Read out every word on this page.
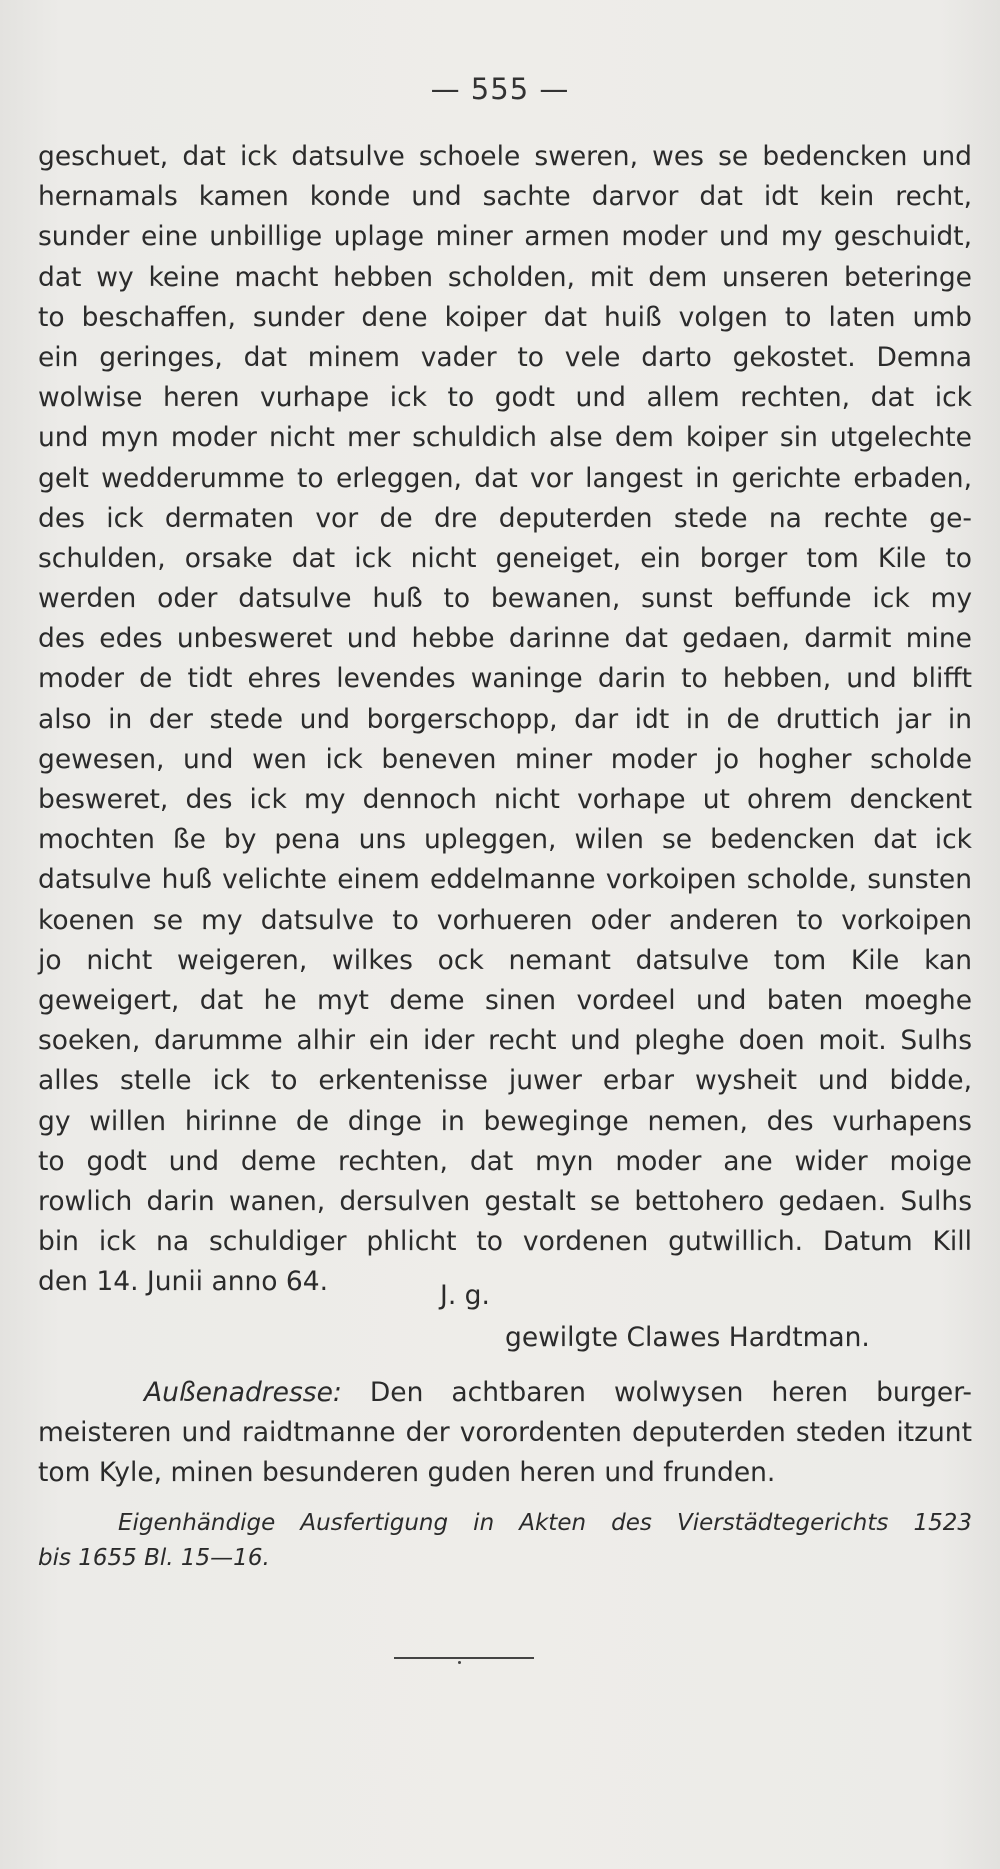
— 555 —
geschuet, dat ick datsulve schoele sweren, wes se bedencken und
hernamals kamen konde und sachte darvor dat idt kein recht,
sunder eine unbillige uplage miner armen moder und my geschuidt,
dat wy keine macht hebben scholden, mit dem unseren beteringe
to beschaffen, sunder dene koiper dat huiß volgen to laten umb
ein geringes, dat minem vader to vele darto gekostet. Demna
wolwise heren vurhape ick to godt und allem rechten, dat ick
und myn moder nicht mer schuldich alse dem koiper sin utgelechte
gelt wedderumme to erleggen, dat vor langest in gerichte erbaden,
des ick dermaten vor de dre deputerden stede na rechte ge-
schulden, orsake dat ick nicht geneiget, ein borger tom Kile to
werden oder datsulve huß to bewanen, sunst beffunde ick my
des edes unbesweret und hebbe darinne dat gedaen, darmit mine
moder de tidt ehres levendes waninge darin to hebben, und blifft
also in der stede und borgerschopp, dar idt in de druttich jar in
gewesen, und wen ick beneven miner moder jo hogher scholde
besweret, des ick my dennoch nicht vorhape ut ohrem denckent
mochten ße by pena uns upleggen, wilen se bedencken dat ick
datsulve huß velichte einem eddelmanne vorkoipen scholde, sunsten
koenen se my datsulve to vorhueren oder anderen to vorkoipen
jo nicht weigeren, wilkes ock nemant datsulve tom Kile kan
geweigert, dat he myt deme sinen vordeel und baten moeghe
soeken, darumme alhir ein ider recht und pleghe doen moit. Sulhs
alles stelle ick to erkentenisse juwer erbar wysheit und bidde,
gy willen hirinne de dinge in beweginge nemen, des vurhapens
to godt und deme rechten, dat myn moder ane wider moige
rowlich darin wanen, dersulven gestalt se bettohero gedaen. Sulhs
bin ick na schuldiger phlicht to vordenen gutwillich. Datum Kill
den 14. Junii anno 64.	J. g.
gewilgte Clawes Hardtman.
Außenadresse: Den achtbaren wolwysen heren burger-
meisteren und raidtmanne der vorordenten deputerden steden itzunt
tom Kyle, minen besunderen guden heren und frunden.
Eigenhändige Ausfertigung in Akten des Vierstädtegerichts 1523
bis 1655 Bl. 15—16.
